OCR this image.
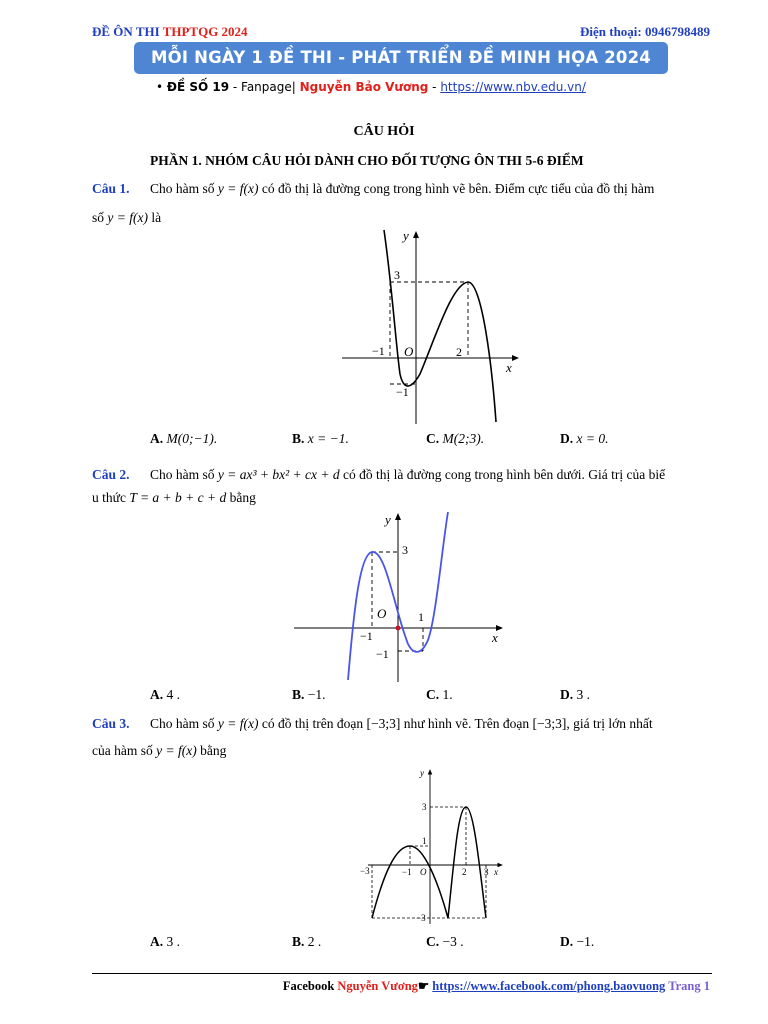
ĐỀ ÔN THI THPTQG 2024	Điện thoại: 0946798489
MỖI NGÀY 1 ĐỀ THI - PHÁT TRIỂN ĐỀ MINH HỌA 2024
• ĐỀ SỐ 19 - Fanpage| Nguyễn Bảo Vương - https://www.nbv.edu.vn/
CÂU HỎI
PHẦN 1. NHÓM CÂU HỎI DÀNH CHO ĐỐI TƯỢNG ÔN THI 5-6 ĐIỂM
Câu 1. Cho hàm số y = f(x) có đồ thị là đường cong trong hình vẽ bên. Điểm cực tiểu của đồ thị hàm
số y = f(x) là
y
x
O
3
−1	2
−1
A. M(0;−1).	B. x = −1.	C. M(2;3).	D. x = 0.
Câu 2. Cho hàm số y = ax³ + bx² + cx + d có đồ thị là đường cong trong hình bên dưới. Giá trị của biể
u thức T = a + b + c + d bằng
y
x
O
3
−1
1
−1
A. 4 .	B. −1.	C. 1.	D. 3 .
Câu 3. Cho hàm số y = f(x) có đồ thị trên đoạn [−3;3] như hình vẽ. Trên đoạn [−3;3], giá trị lớn nhất
của hàm số y = f(x) bằng
y
x
O
3
1
−3
−3	−1	2 3
A. 3 .	B. 2 .	C. −3 .	D. −1.
Facebook Nguyễn Vương☛ https://www.facebook.com/phong.baovuong Trang 1
